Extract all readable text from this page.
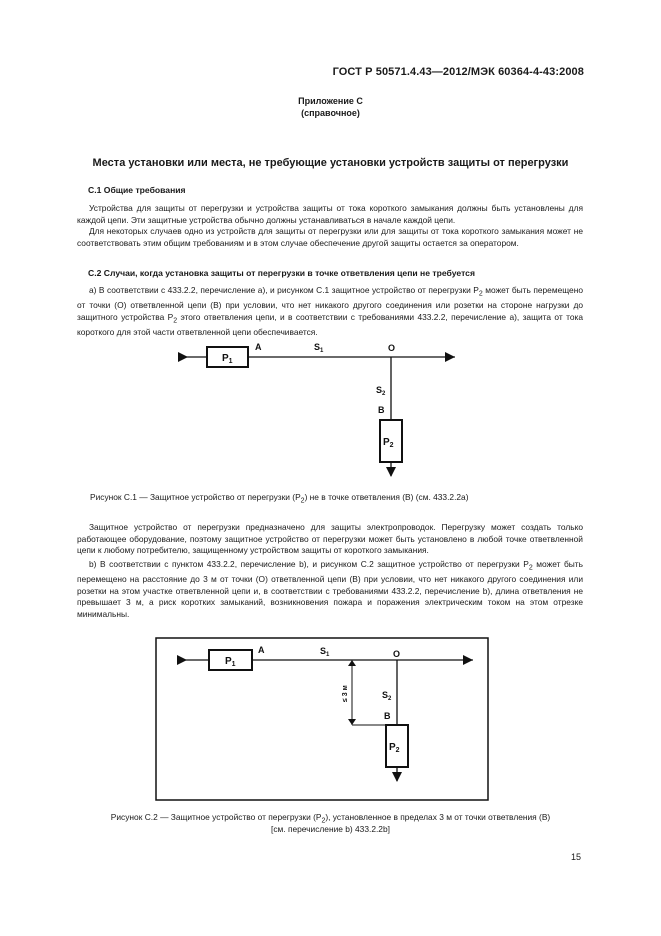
ГОСТ Р 50571.4.43—2012/МЭК 60364-4-43:2008
Приложение С
(справочное)
Места установки или места, не требующие установки устройств защиты от перегрузки
С.1 Общие требования
Устройства для защиты от перегрузки и устройства защиты от тока короткого замыкания должны быть установлены для каждой цепи. Эти защитные устройства обычно должны устанавливаться в начале каждой цепи.
Для некоторых случаев одно из устройств для защиты от перегрузки или для защиты от тока короткого замыкания может не соответствовать этим общим требованиям и в этом случае обеспечение другой защиты остается за оператором.
С.2 Случаи, когда установка защиты от перегрузки в точке ответвления цепи не требуется
a) В соответствии с 433.2.2, перечисление a), и рисунком С.1 защитное устройство от перегрузки $Р_2$ может быть перемещено от точки (О) ответвленной цепи (В) при условии, что нет никакого другого соединения или розетки на стороне нагрузки до защитного устройства $Р_2$ этого ответвления цепи, и в соответствии с требованиями 433.2.2, перечисление а), защита от тока короткого для этой части ответвленной цепи обеспечивается.
$P_1$
A	$S_1$	O
$S_2$
B
$P_2$
Рисунок С.1 — Защитное устройство от перегрузки $(Р_2)$ не в точке ответвления (В) (см. 433.2.2а)
Защитное устройство от перегрузки предназначено для защиты электропроводок. Перегрузку может создать только работающее оборудование, поэтому защитное устройство от перегрузки может быть установлено в любой точке ответвленной цепи к любому потребителю, защищенному устройством защиты от короткого замыкания.
b) В соответствии с пунктом 433.2.2, перечисление b), и рисунком С.2 защитное устройство от перегрузки $Р_2$ может быть перемещено на расстояние до 3 м от точки (О) ответвленной цепи (В) при условии, что нет никакого другого соединения или розетки на этом участке ответвленной цепи и, в соответствии с требованиями 433.2.2, перечисление b), длина ответвления не превышает 3 м, а риск коротких замыканий, возникновения пожара и поражения электрическим током на этом отрезке минимальны.
$P_1$
A	$S_1$	O
≤ 3 м	$S_2$
B
$P_2$
Рисунок С.2 — Защитное устройство от перегрузки $(Р_2)$, установленное в пределах 3 м от точки ответвления (В)
[см. перечисление b) 433.2.2b]
15
